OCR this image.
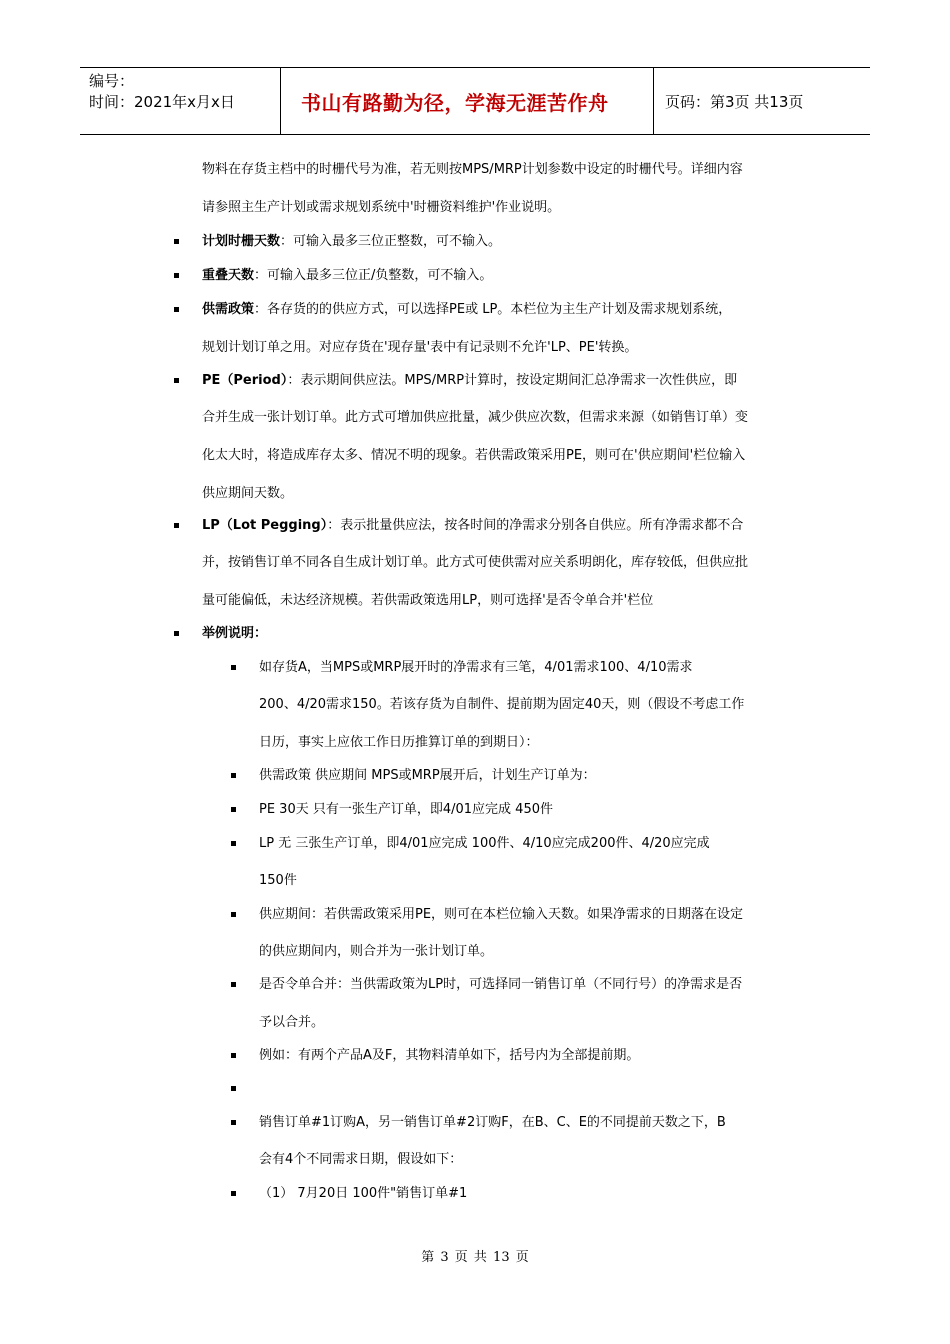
编号：
时间：2021年x月x日	书山有路勤为径，学海无涯苦作舟	页码：第3页 共13页
物料在存货主档中的时栅代号为准，若无则按MPS/MRP计划参数中设定的时栅代号。详细内容
请参照主生产计划或需求规划系统中'时栅资料维护'作业说明。
计划时栅天数：可输入最多三位正整数，可不输入。
重叠天数：可输入最多三位正/负整数，可不输入。
供需政策：各存货的的供应方式，可以选择PE或 LP。本栏位为主生产计划及需求规划系统，
规划计划订单之用。对应存货在'现存量'表中有记录则不允许'LP、PE'转换。
PE（Period）：表示期间供应法。MPS/MRP计算时，按设定期间汇总净需求一次性供应，即
合并生成一张计划订单。此方式可增加供应批量，减少供应次数，但需求来源（如销售订单）变
化太大时，将造成库存太多、情况不明的现象。若供需政策采用PE，则可在'供应期间'栏位输入
供应期间天数。
LP（Lot Pegging）：表示批量供应法，按各时间的净需求分别各自供应。所有净需求都不合
并，按销售订单不同各自生成计划订单。此方式可使供需对应关系明朗化，库存较低，但供应批
量可能偏低，未达经济规模。若供需政策选用LP，则可选择'是否令单合并'栏位
举例说明：
如存货A，当MPS或MRP展开时的净需求有三笔，4/01需求100、4/10需求
200、4/20需求150。若该存货为自制件、提前期为固定40天，则（假设不考虑工作
日历，事实上应依工作日历推算订单的到期日）：
供需政策 供应期间 MPS或MRP展开后，计划生产订单为：
PE 30天 只有一张生产订单，即4/01应完成 450件
LP 无 三张生产订单，即4/01应完成 100件、4/10应完成200件、4/20应完成
150件
供应期间：若供需政策采用PE，则可在本栏位输入天数。如果净需求的日期落在设定
的供应期间内，则合并为一张计划订单。
是否令单合并：当供需政策为LP时，可选择同一销售订单（不同行号）的净需求是否
予以合并。
例如：有两个产品A及F，其物料清单如下，括号内为全部提前期。
销售订单#1订购A，另一销售订单#2订购F，在B、C、E的不同提前天数之下，B
会有4个不同需求日期，假设如下：
（1） 7月20日 100件"销售订单#1
第 3 页 共 13 页
